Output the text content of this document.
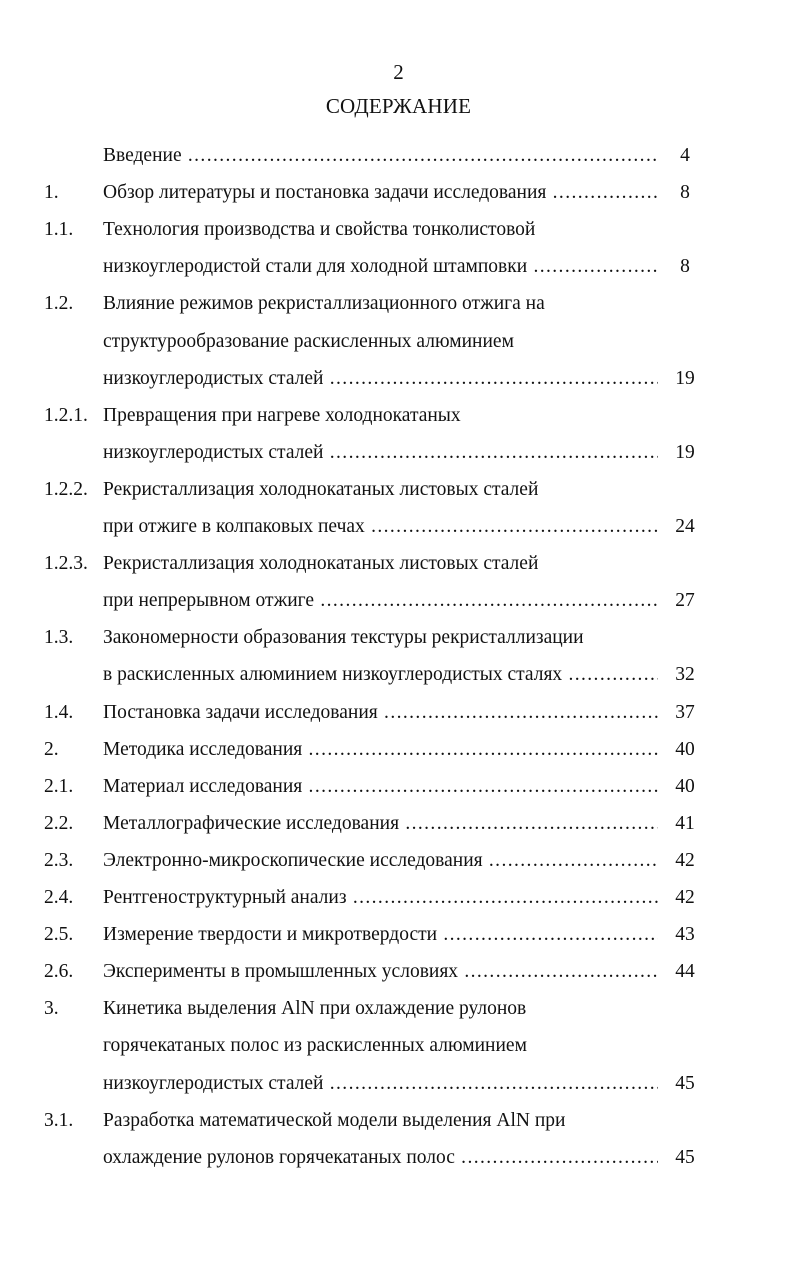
2
СОДЕРЖАНИЕ
Введение .....	4
1. Обзор литературы и постановка задачи исследования .....	8
1.1. Технология производства и свойства тонколистовой
низкоуглеродистой стали для холодной штамповки .....	8
1.2. Влияние режимов рекристаллизационного отжига на
структурообразование раскисленных алюминием
низкоуглеродистых сталей .....	19
1.2.1. Превращения при нагреве холоднокатаных
низкоуглеродистых сталей .....	19
1.2.2. Рекристаллизация холоднокатаных листовых сталей
при отжиге в колпаковых печах .....	24
1.2.3. Рекристаллизация холоднокатаных листовых сталей
при непрерывном отжиге .....	27
1.3. Закономерности образования текстуры рекристаллизации
в раскисленных алюминием низкоуглеродистых сталях .....	32
1.4. Постановка задачи исследования .....	37
2. Методика исследования .....	40
2.1. Материал исследования .....	40
2.2. Металлографические исследования .....	41
2.3. Электронно-микроскопические исследования .....	42
2.4. Рентгеноструктурный анализ .....	42
2.5. Измерение твердости и микротвердости .....	43
2.6. Эксперименты в промышленных условиях .....	44
3. Кинетика выделения AlN при охлаждение рулонов
горячекатаных полос из раскисленных алюминием
низкоуглеродистых сталей .....	45
3.1. Разработка математической модели выделения AlN при
охлаждение рулонов горячекатаных полос .....	45
